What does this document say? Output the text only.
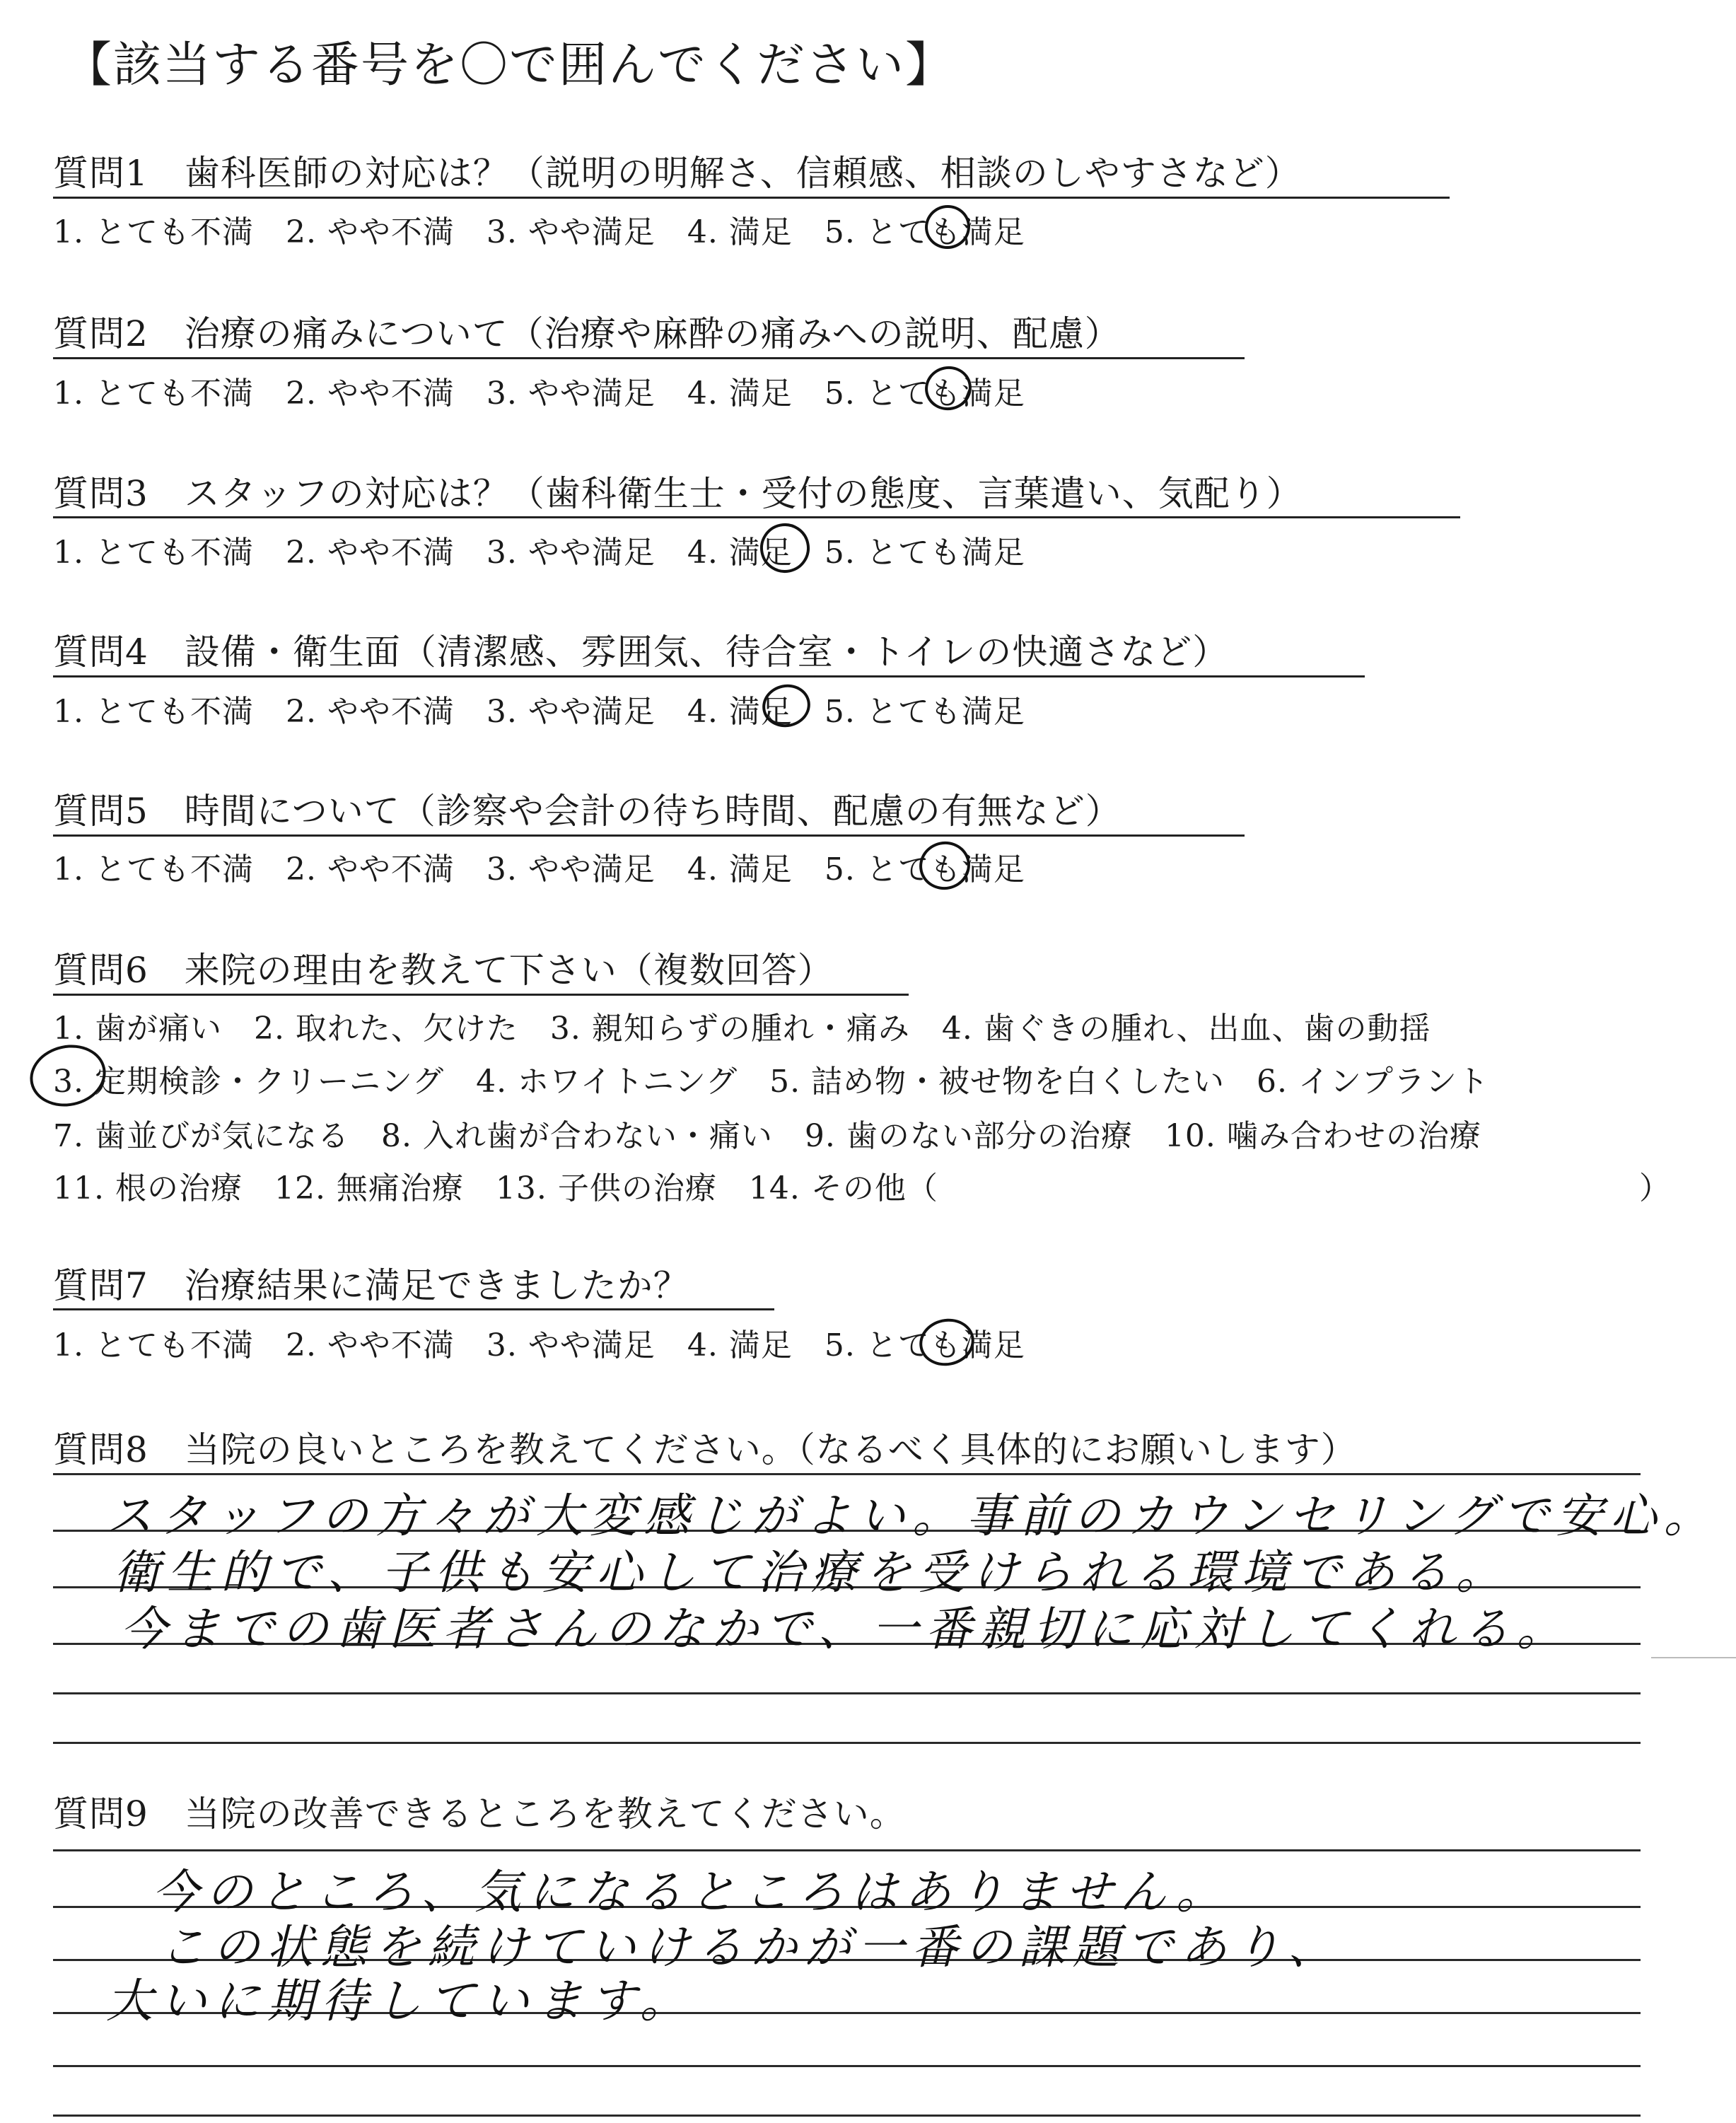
【該当する番号を〇で囲んでください】
質問1　歯科医師の対応は？（説明の明解さ、信頼感、相談のしやすさなど）
1. とても不満　2. やや不満　3. やや満足　4. 満足　5. とても満足
質問2　治療の痛みについて（治療や麻酔の痛みへの説明、配慮）
1. とても不満　2. やや不満　3. やや満足　4. 満足　5. とても満足
質問3　スタッフの対応は？（歯科衛生士・受付の態度、言葉遣い、気配り）
1. とても不満　2. やや不満　3. やや満足　4. 満足　5. とても満足
質問4　設備・衛生面（清潔感、雰囲気、待合室・トイレの快適さなど）
1. とても不満　2. やや不満　3. やや満足　4. 満足　5. とても満足
質問5　時間について（診察や会計の待ち時間、配慮の有無など）
1. とても不満　2. やや不満　3. やや満足　4. 満足　5. とても満足
質問6　来院の理由を教えて下さい（複数回答）
1. 歯が痛い　2. 取れた、欠けた　3. 親知らずの腫れ・痛み　4. 歯ぐきの腫れ、出血、歯の動揺
3. 定期検診・クリーニング　4. ホワイトニング　5. 詰め物・被せ物を白くしたい　6. インプラント
7. 歯並びが気になる　8. 入れ歯が合わない・痛い　9. 歯のない部分の治療　10. 噛み合わせの治療
11. 根の治療　12. 無痛治療　13. 子供の治療　14. その他（	）
質問7　治療結果に満足できましたか？
1. とても不満　2. やや不満　3. やや満足　4. 満足　5. とても満足
質問8　当院の良いところを教えてください。（なるべく具体的にお願いします）
スタッフの方々が大変感じがよい。事前のカウンセリングで安心。
衛生的で、子供も安心して治療を受けられる環境である。
今までの歯医者さんのなかで、一番親切に応対してくれる。
質問9　当院の改善できるところを教えてください。
今のところ、気になるところはありません。
この状態を続けていけるかが一番の課題であり、
大いに期待しています。
